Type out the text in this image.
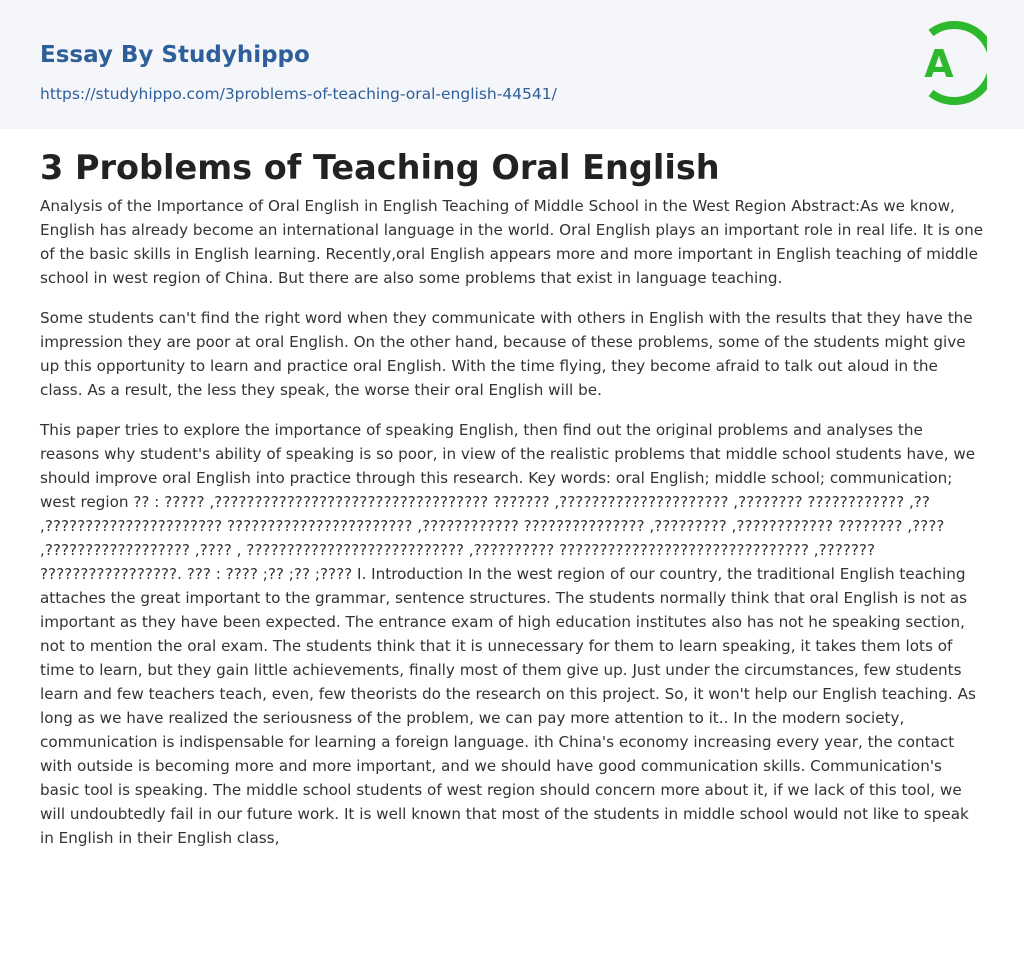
Essay By Studyhippo
https://studyhippo.com/3problems-of-teaching-oral-english-44541/
A
3 Problems of Teaching Oral English

Analysis of the Importance of Oral English in English Teaching of Middle School in the West Region Abstract:As we know, English has already become an international language in the world. Oral English plays an important role in real life. It is one of the basic skills in English learning. Recently,oral English appears more and more important in English teaching of middle school in west region of China. But there are also some problems that exist in language teaching.

Some students can't find the right word when they communicate with others in English with the results that they have the impression they are poor at oral English. On the other hand, because of these problems, some of the students might give up this opportunity to learn and practice oral English. With the time flying, they become afraid to talk out aloud in the class. As a result, the less they speak, the worse their oral English will be.

This paper tries to explore the importance of speaking English, then find out the original problems and analyses the reasons why student's ability of speaking is so poor, in view of the realistic problems that middle school students have, we should improve oral English into practice through this research. Key words: oral English; middle school; communication; west region ?? : ????? ,?????????????????????????????????? ??????? ,????????????????????? ,???????? ???????????? ,?? ,?????????????????????? ??????????????????????? ,???????????? ??????????????? ,????????? ,???????????? ???????? ,???? ,?????????????????? ,???? , ??????????????????????????? ,?????????? ??????????????????????????????? ,??????? ?????????????????. ??? : ???? ;?? ;?? ;???? I. Introduction In the west region of our country, the traditional English teaching attaches the great important to the grammar, sentence structures. The students normally think that oral English is not as important as they have been expected. The entrance exam of high education institutes also has not he speaking section, not to mention the oral exam. The students think that it is unnecessary for them to learn speaking, it takes them lots of time to learn, but they gain little achievements, finally most of them give up. Just under the circumstances, few students learn and few teachers teach, even, few theorists do the research on this project. So, it won't help our English teaching. As long as we have realized the seriousness of the problem, we can pay more attention to it.. In the modern society, communication is indispensable for learning a foreign language. ith China's economy increasing every year, the contact with outside is becoming more and more important, and we should have good communication skills. Communication's basic tool is speaking. The middle school students of west region should concern more about it, if we lack of this tool, we will undoubtedly fail in our future work. It is well known that most of the students in middle school would not like to speak in English in their English class,
